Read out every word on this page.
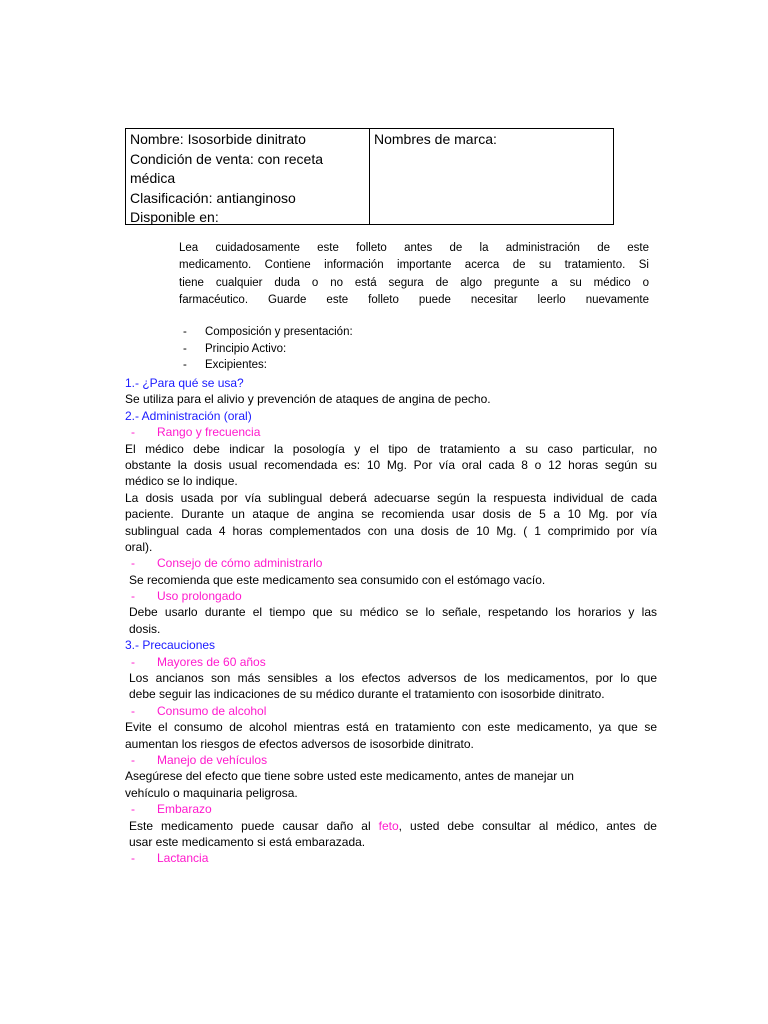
Nombre: Isosorbide dinitrato
Condición de venta: con receta
médica
Clasificación: antianginoso
Disponible en:
Nombres de marca:
Lea cuidadosamente este folleto antes de la administración de este
medicamento. Contiene información importante acerca de su tratamiento. Si
tiene cualquier duda o no está segura de algo pregunte a su médico o
farmacéutico. Guarde este folleto puede necesitar leerlo nuevamente
- Composición y presentación:
- Principio Activo:
- Excipientes:
1.- ¿Para qué se usa?
Se utiliza para el alivio y prevención de ataques de angina de pecho.
2.- Administración (oral)
- Rango y frecuencia
El médico debe indicar la posología y el tipo de tratamiento a su caso particular, no
obstante la dosis usual recomendada es: 10 Mg. Por vía oral cada 8 o 12 horas según su
médico se lo indique.
La dosis usada por vía sublingual deberá adecuarse según la respuesta individual de cada
paciente. Durante un ataque de angina se recomienda usar dosis de 5 a 10 Mg. por vía
sublingual cada 4 horas complementados con una dosis de 10 Mg. ( 1 comprimido por vía
oral).
- Consejo de cómo administrarlo
Se recomienda que este medicamento sea consumido con el estómago vacío.
- Uso prolongado
Debe usarlo durante el tiempo que su médico se lo señale, respetando los horarios y las
dosis.
3.- Precauciones
- Mayores de 60 años
Los ancianos son más sensibles a los efectos adversos de los medicamentos, por lo que
debe seguir las indicaciones de su médico durante el tratamiento con isosorbide dinitrato.
- Consumo de alcohol
Evite el consumo de alcohol mientras está en tratamiento con este medicamento, ya que se
aumentan los riesgos de efectos adversos de isosorbide dinitrato.
- Manejo de vehículos
Asegúrese del efecto que tiene sobre usted este medicamento, antes de manejar un
vehículo o maquinaria peligrosa.
- Embarazo
Este medicamento puede causar daño al feto, usted debe consultar al médico, antes de
usar este medicamento si está embarazada.
- Lactancia
